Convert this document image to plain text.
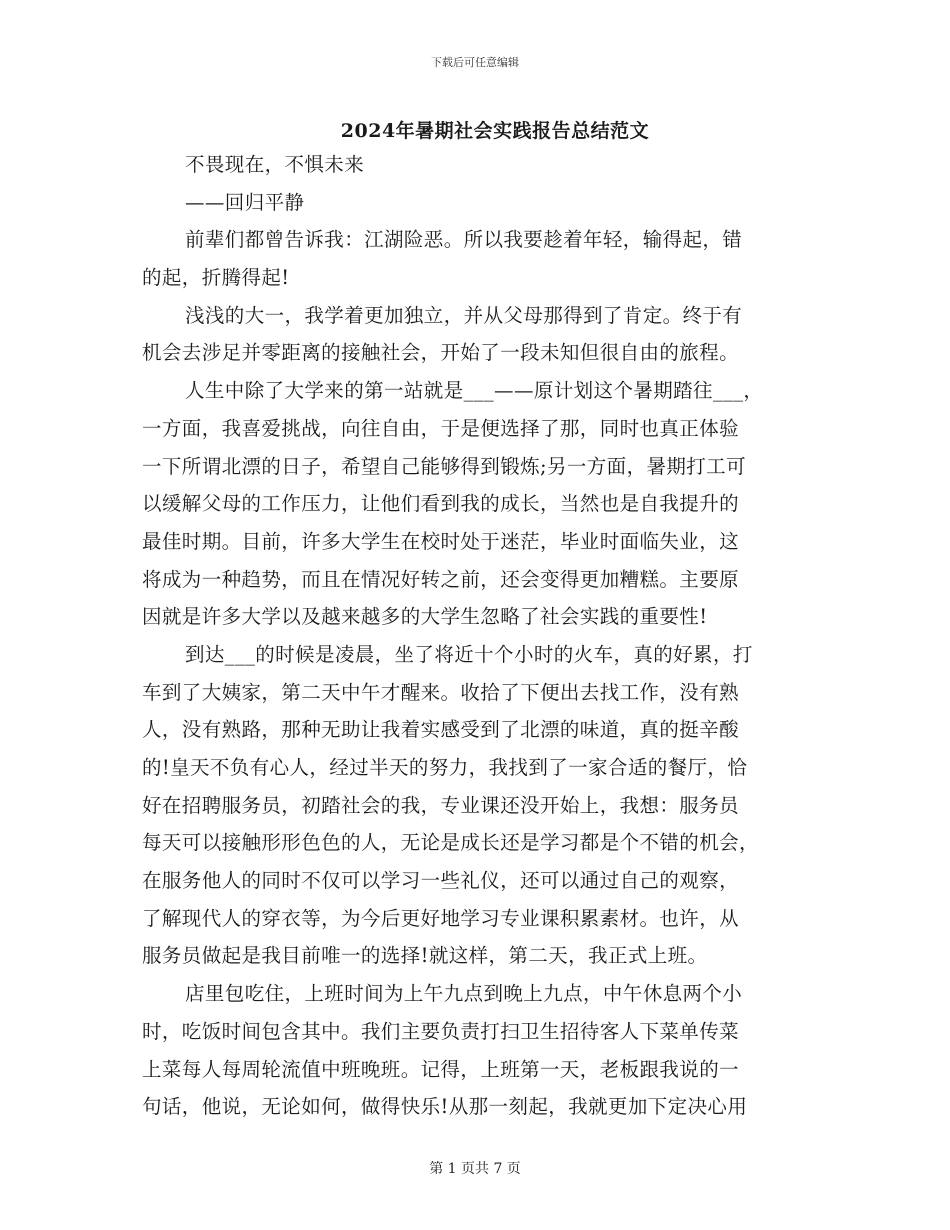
下载后可任意编辑
2024年暑期社会实践报告总结范文
不畏现在，不惧未来
——回归平静
前辈们都曾告诉我：江湖险恶。所以我要趁着年轻，输得起，错
的起，折腾得起!
浅浅的大一，我学着更加独立，并从父母那得到了肯定。终于有
机会去涉足并零距离的接触社会，开始了一段未知但很自由的旅程。
人生中除了大学来的第一站就是___——原计划这个暑期踏往___，
一方面，我喜爱挑战，向往自由，于是便选择了那，同时也真正体验
一下所谓北漂的日子，希望自己能够得到锻炼;另一方面，暑期打工可
以缓解父母的工作压力，让他们看到我的成长，当然也是自我提升的
最佳时期。目前，许多大学生在校时处于迷茫，毕业时面临失业，这
将成为一种趋势，而且在情况好转之前，还会变得更加糟糕。主要原
因就是许多大学以及越来越多的大学生忽略了社会实践的重要性!
到达___的时候是凌晨，坐了将近十个小时的火车，真的好累，打
车到了大姨家，第二天中午才醒来。收拾了下便出去找工作，没有熟
人，没有熟路，那种无助让我着实感受到了北漂的味道，真的挺辛酸
的!皇天不负有心人，经过半天的努力，我找到了一家合适的餐厅，恰
好在招聘服务员，初踏社会的我，专业课还没开始上，我想：服务员
每天可以接触形形色色的人，无论是成长还是学习都是个不错的机会，
在服务他人的同时不仅可以学习一些礼仪，还可以通过自己的观察，
了解现代人的穿衣等，为今后更好地学习专业课积累素材。也许，从
服务员做起是我目前唯一的选择!就这样，第二天，我正式上班。
店里包吃住，上班时间为上午九点到晚上九点，中午休息两个小
时，吃饭时间包含其中。我们主要负责打扫卫生招待客人下菜单传菜
上菜每人每周轮流值中班晚班。记得，上班第一天，老板跟我说的一
句话，他说，无论如何，做得快乐!从那一刻起，我就更加下定决心用
第 1 页共 7 页
